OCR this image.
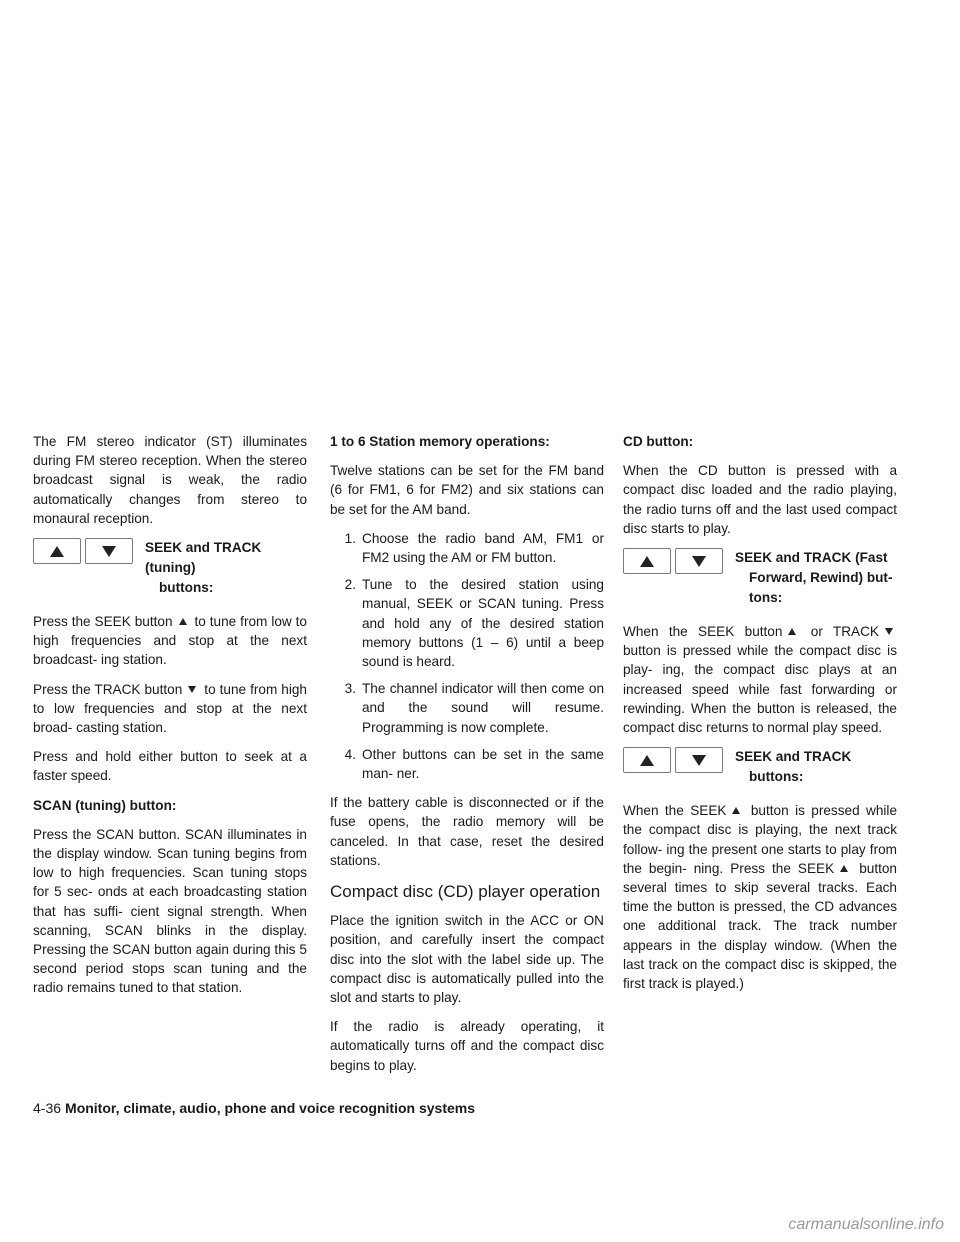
The FM stereo indicator (ST) illuminates during FM stereo reception. When the stereo broadcast signal is weak, the radio automatically changes from stereo to monaural reception.

SEEK and TRACK (tuning)
buttons:

Press the SEEK button to tune from low to high frequencies and stop at the next broadcast- ing station.

Press the TRACK button to tune from high to low frequencies and stop at the next broad- casting station.

Press and hold either button to seek at a faster speed.

SCAN (tuning) button:

Press the SCAN button. SCAN illuminates in the display window. Scan tuning begins from low to high frequencies. Scan tuning stops for 5 sec- onds at each broadcasting station that has suffi- cient signal strength. When scanning, SCAN blinks in the display. Pressing the SCAN button again during this 5 second period stops scan tuning and the radio remains tuned to that station.

1 to 6 Station memory operations:

Twelve stations can be set for the FM band (6 for FM1, 6 for FM2) and six stations can be set for the AM band.

1. Choose the radio band AM, FM1 or FM2 using the AM or FM button.
2. Tune to the desired station using manual, SEEK or SCAN tuning. Press and hold any of the desired station memory buttons (1 – 6) until a beep sound is heard.
3. The channel indicator will then come on and the sound will resume. Programming is now complete.
4. Other buttons can be set in the same man- ner.

If the battery cable is disconnected or if the fuse opens, the radio memory will be canceled. In that case, reset the desired stations.

Compact disc (CD) player operation

Place the ignition switch in the ACC or ON position, and carefully insert the compact disc into the slot with the label side up. The compact disc is automatically pulled into the slot and starts to play.

If the radio is already operating, it automatically turns off and the compact disc begins to play.

CD button:

When the CD button is pressed with a compact disc loaded and the radio playing, the radio turns off and the last used compact disc starts to play.

SEEK and TRACK (Fast
Forward, Rewind) but-
tons:

When the SEEK button or TRACK button is pressed while the compact disc is play- ing, the compact disc plays at an increased speed while fast forwarding or rewinding. When the button is released, the compact disc returns to normal play speed.

SEEK and TRACK
buttons:

When the SEEK button is pressed while the compact disc is playing, the next track follow- ing the present one starts to play from the begin- ning. Press the SEEK button several times to skip several tracks. Each time the button is pressed, the CD advances one additional track. The track number appears in the display window. (When the last track on the compact disc is skipped, the first track is played.)

4-36 Monitor, climate, audio, phone and voice recognition systems
carmanualsonline.info
